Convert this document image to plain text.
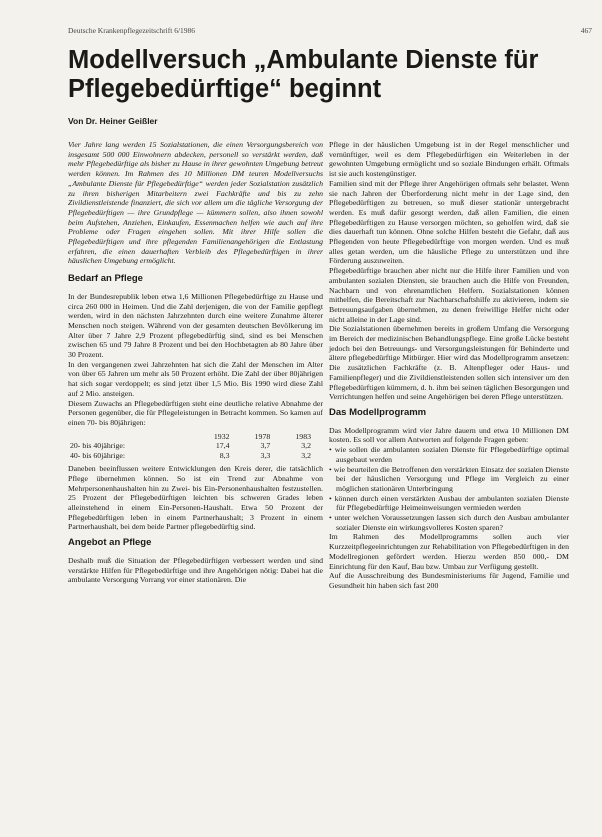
Deutsche Krankenpflegezeitschrift 6/1986	467
Modellversuch „Ambulante Dienste für Pflegebedürftige“ beginnt

Von Dr. Heiner Geißler

Vier Jahre lang werden 15 Sozialstationen, die einen Versorgungsbereich von insgesamt 500 000 Einwohnern abdecken, personell so verstärkt werden, daß mehr Pflegebedürftige als bisher zu Hause in ihrer gewohnten Umgebung betreut werden können. Im Rahmen des 10 Millionen DM teuren Modellversuchs „Ambulante Dienste für Pflegebedürftige“ werden jeder Sozialstation zusätzlich zu ihren bisherigen Mitarbeitern zwei Fachkräfte und bis zu zehn Zivildienstleistende finanziert, die sich vor allem um die tägliche Versorgung der Pflegebedürftigen — ihre Grundpflege — kümmern sollen, also ihnen sowohl beim Aufstehen, Anziehen, Einkaufen, Essenmachen helfen wie auch auf ihre Probleme oder Fragen eingehen sollen. Mit ihrer Hilfe sollen die Pflegebedürftigen und ihre pflegenden Familienangehörigen die Entlastung erfahren, die einen dauerhaften Verbleib des Pflegebedürftigen in ihrer häuslichen Umgebung ermöglicht.

Bedarf an Pflege

In der Bundesrepublik leben etwa 1,6 Millionen Pflegebedürftige zu Hause und circa 260 000 in Heimen. Und die Zahl derjenigen, die von der Familie gepflegt werden, wird in den nächsten Jahrzehnten durch eine weitere Zunahme älterer Menschen noch steigen. Während von der gesamten deutschen Bevölkerung im Alter über 7 Jahre 2,9 Prozent pflegebedürftig sind, sind es bei Menschen zwischen 65 und 79 Jahre 8 Prozent und bei den Hochbetagten ab 80 Jahre über 30 Prozent.

In den vergangenen zwei Jahrzehnten hat sich die Zahl der Menschen im Alter von über 65 Jahren um mehr als 50 Prozent erhöht. Die Zahl der über 80jährigen hat sich sogar verdoppelt; es sind jetzt über 1,5 Mio. Bis 1990 wird diese Zahl auf 2 Mio. ansteigen.

Diesem Zuwachs an Pflegebedürftigen steht eine deutliche relative Abnahme der Personen gegenüber, die für Pflegeleistungen in Betracht kommen. So kamen auf einen 70- bis 80jährigen:

	1932	1978	1983
20- bis 40jährige:	17,4	3,7	3,2
40- bis 60jährige:	8,3	3,3	3,2

Daneben beeinflussen weitere Entwicklungen den Kreis derer, die tatsächlich Pflege übernehmen können. So ist ein Trend zur Abnahme von Mehrpersonenhaushalten hin zu Zwei- bis Ein-Personenhaushalten festzustellen. 25 Prozent der Pflegebedürftigen leichten bis schweren Grades leben alleinstehend in einem Ein-Personen-Haushalt. Etwa 50 Prozent der Pflegebedürftigen leben in einem Partnerhaushalt; 3 Prozent in einem Partnerhaushalt, bei dem beide Partner pflegebedürftig sind.

Angebot an Pflege

Deshalb muß die Situation der Pflegebedürftigen verbessert werden und sind verstärkte Hilfen für Pflegebedürftige und ihre Angehörigen nötig: Dabei hat die ambulante Versorgung Vorrang vor einer stationären. Die

Pflege in der häuslichen Umgebung ist in der Regel menschlicher und vernünftiger, weil es dem Pflegebedürftigen ein Weiterleben in der gewohnten Umgebung ermöglicht und so soziale Bindungen erhält. Oftmals ist sie auch kostengünstiger.

Familien sind mit der Pflege ihrer Angehörigen oftmals sehr belastet. Wenn sie nach Jahren der Überforderung nicht mehr in der Lage sind, den Pflegebedürftigen zu betreuen, so muß dieser stationär untergebracht werden. Es muß dafür gesorgt werden, daß allen Familien, die einen Pflegebedürftigen zu Hause versorgen möchten, so geholfen wird, daß sie dies dauerhaft tun können. Ohne solche Hilfen besteht die Gefahr, daß aus Pflegenden von heute Pflegebedürftige von morgen werden. Und es muß alles getan werden, um die häusliche Pflege zu unterstützen und ihre Förderung auszuweiten.

Pflegebedürftige brauchen aber nicht nur die Hilfe ihrer Familien und von ambulanten sozialen Diensten, sie brauchen auch die Hilfe von Freunden, Nachbarn und von ehrenamtlichen Helfern. Sozialstationen können mithelfen, die Bereitschaft zur Nachbarschaftshilfe zu aktivieren, indem sie Betreuungsaufgaben übernehmen, zu denen freiwillige Helfer nicht oder nicht alleine in der Lage sind.

Die Sozialstationen übernehmen bereits in großem Umfang die Versorgung im Bereich der medizinischen Behandlungspflege. Eine große Lücke besteht jedoch bei den Betreuungs- und Versorgungsleistungen für Behinderte und ältere pflegebedürftige Mitbürger. Hier wird das Modellprogramm ansetzen: Die zusätzlichen Fachkräfte (z. B. Altenpfleger oder Haus- und Familienpfleger) und die Zivildienstleistenden sollen sich intensiver um den Pflegebedürftigen kümmern, d. h. ihm bei seinen täglichen Besorgungen und Verrichtungen helfen und seine Angehörigen bei deren Pflege unterstützen.

Das Modellprogramm

Das Modellprogramm wird vier Jahre dauern und etwa 10 Millionen DM kosten. Es soll vor allem Antworten auf folgende Fragen geben:

• wie sollen die ambulanten sozialen Dienste für Pflegebedürftige optimal ausgebaut werden
• wie beurteilen die Betroffenen den verstärkten Einsatz der sozialen Dienste bei der häuslichen Versorgung und Pflege im Vergleich zu einer möglichen stationären Unterbringung
• können durch einen verstärkten Ausbau der ambulanten sozialen Dienste für Pflegebedürftige Heimeinweisungen vermieden werden
• unter welchen Voraussetzungen lassen sich durch den Ausbau ambulanter sozialer Dienste ein wirkungsvolleres Kosten sparen?

Im Rahmen des Modellprogramms sollen auch vier Kurzzeitpflegeeinrichtungen zur Rehabilitation von Pflegebedürftigen in den Modellregionen gefördert werden. Hierzu werden 850 000,- DM Einrichtung für den Kauf, Bau bzw. Umbau zur Verfügung gestellt.

Auf die Ausschreibung des Bundesministeriums für Jugend, Familie und Gesundheit hin haben sich fast 200
